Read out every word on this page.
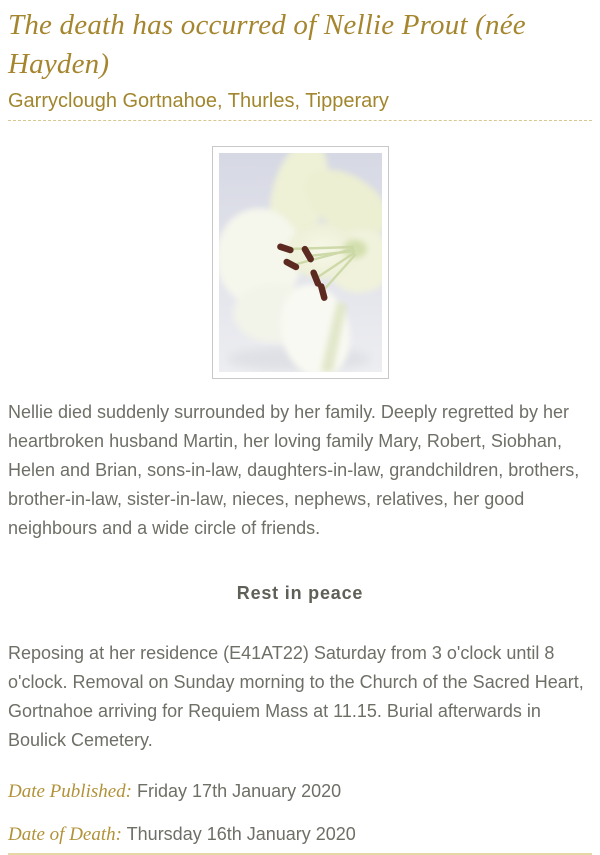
The death has occurred of Nellie Prout (née Hayden)
Garryclough Gortnahoe, Thurles, Tipperary

Nellie died suddenly surrounded by her family. Deeply regretted by her heartbroken husband Martin, her loving family Mary, Robert, Siobhan, Helen and Brian, sons-in-law, daughters-in-law, grandchildren, brothers, brother-in-law, sister-in-law, nieces, nephews, relatives, her good neighbours and a wide circle of friends.

Rest in peace

Reposing at her residence (E41AT22) Saturday from 3 o'clock until 8 o'clock. Removal on Sunday morning to the Church of the Sacred Heart, Gortnahoe arriving for Requiem Mass at 11.15. Burial afterwards in Boulick Cemetery.

Date Published: Friday 17th January 2020
Date of Death: Thursday 16th January 2020
